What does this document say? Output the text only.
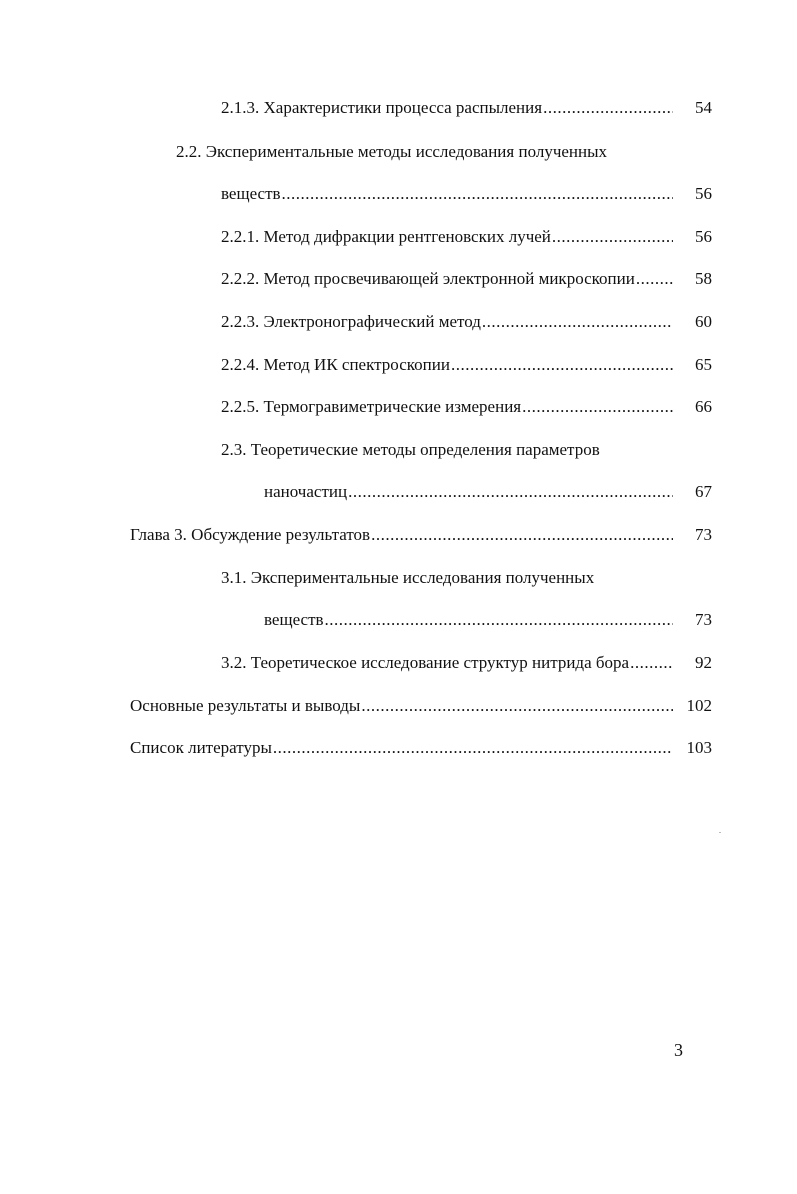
2.1.3. Характеристики процесса распыления .....	54
2.2. Экспериментальные методы исследования полученных
веществ .....	56
2.2.1. Метод дифракции рентгеновских лучей .....	56
2.2.2. Метод просвечивающей электронной микроскопии .....	58
2.2.3. Электронографический метод .....	60
2.2.4. Метод ИК спектроскопии .....	65
2.2.5. Термогравиметрические измерения .....	66
2.3. Теоретические методы определения параметров
наночастиц .....	67
Глава 3. Обсуждение результатов .....	73
3.1. Экспериментальные исследования полученных
веществ .....	73
3.2. Теоретическое исследование структур нитрида бора .....	92
Основные результаты и выводы .....	102
Список литературы .....	103
3
